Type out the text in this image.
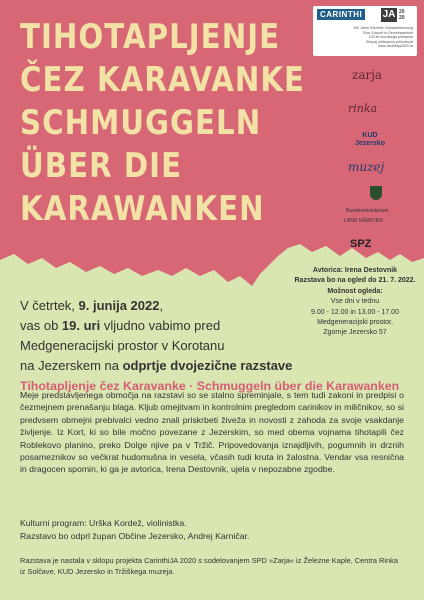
TIHOTAPLJENJE
ČEZ KARAVANKE
SCHMUGGELN
ÜBER DIE
KARAWANKEN
CARINTHI	JA 20
20
100 Jahre Kärntner Volksabstimmung
Eine Zukunft in Gemeinsamkeit
100 let koroškega plebiscita
Skupaj oblikujemo prihodnost
www.carinthija2020.at
zarja
rinka
KUD Jezersko
muzej
Bundesministerium
LAND KÄRNTEN
SPZ
Avtorica: Irena Destovnik
Razstava bo na ogled do 21. 7. 2022.
Možnost ogleda:
Vse dni v tednu
9.00 - 12.00 in 13.00 - 17.00
Medgeneracijski prostor,
Zgornje Jezersko 57
V četrtek, 9. junija 2022,
vas ob 19. uri vljudno vabimo pred
Medgeneracijski prostor v Korotanu
na Jezerskem na odprtje dvojezične razstave
Tihotapljenje čez Karavanke · Schmuggeln über die Karawanken

Meje predstavljenega območja na razstavi so se stalno spreminjale, s tem tudi zakoni in predpisi o čezmejnem prenašanju blaga. Kljub omejitvam in kontrolnim pregledom carinikov in miličnikov, so si predvsem obmejni prebivalci vedno znali priskrbeti živeža in novosti z zahoda za svoje vsakdanje življenje. Iz Kort, ki so bile močno povezane z Jezerskim, so med obema vojnama tihotapili čez Roblekovo planino, preko Dolge njive pa v Tržič. Pripovedovanja iznajdljivih, pogumnih in drznih posameznikov so večkrat hudomušna in vesela, včasih tudi kruta in žalostna. Vendar vsa resnična in dragocen spomin, ki ga je avtorica, Irena Destovnik, ujela v nepozabne zgodbe.

Kulturni program: Urška Kordež, violinistka.
Razstavo bo odprl župan Občine Jezersko, Andrej Karničar.
Razstava je nastala v sklopu projekta CarinthiJA 2020 s sodelovanjem SPD »Zarja« iz Železne Kaple, Centra Rinka iz Solčave, KUD Jezersko in Tržiškega muzeja.
